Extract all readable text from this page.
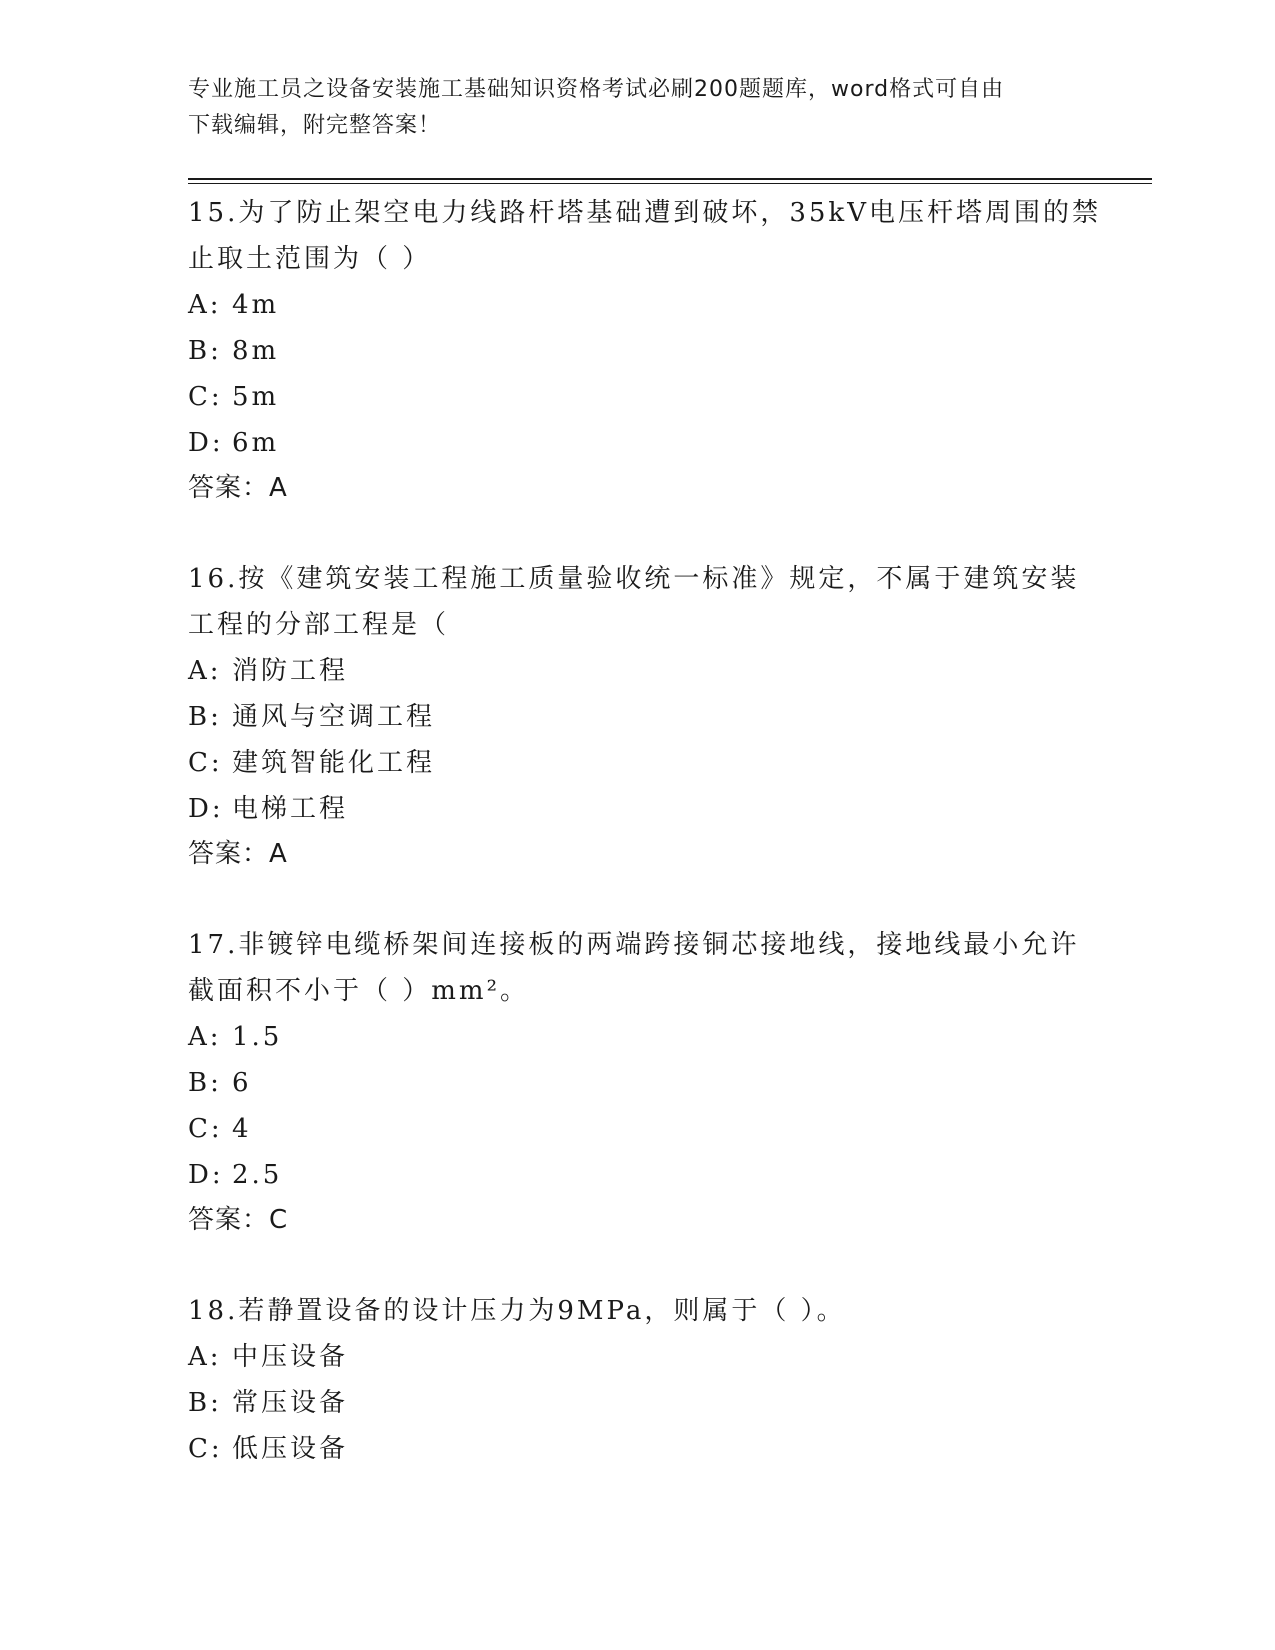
专业施工员之设备安装施工基础知识资格考试必刷200题题库，word格式可自由
下载编辑，附完整答案！
15.为了防止架空电力线路杆塔基础遭到破坏，35kV电压杆塔周围的禁
止取土范围为（ ）
A: 4m
B: 8m
C: 5m
D: 6m
答案：A
16.按《建筑安装工程施工质量验收统一标准》规定，不属于建筑安装
工程的分部工程是（
A: 消防工程
B: 通风与空调工程
C: 建筑智能化工程
D: 电梯工程
答案：A
17.非镀锌电缆桥架间连接板的两端跨接铜芯接地线，接地线最小允许
截面积不小于（ ）mm²。
A: 1.5
B: 6
C: 4
D: 2.5
答案：C
18.若静置设备的设计压力为9MPa，则属于（ ）。
A: 中压设备
B: 常压设备
C: 低压设备
